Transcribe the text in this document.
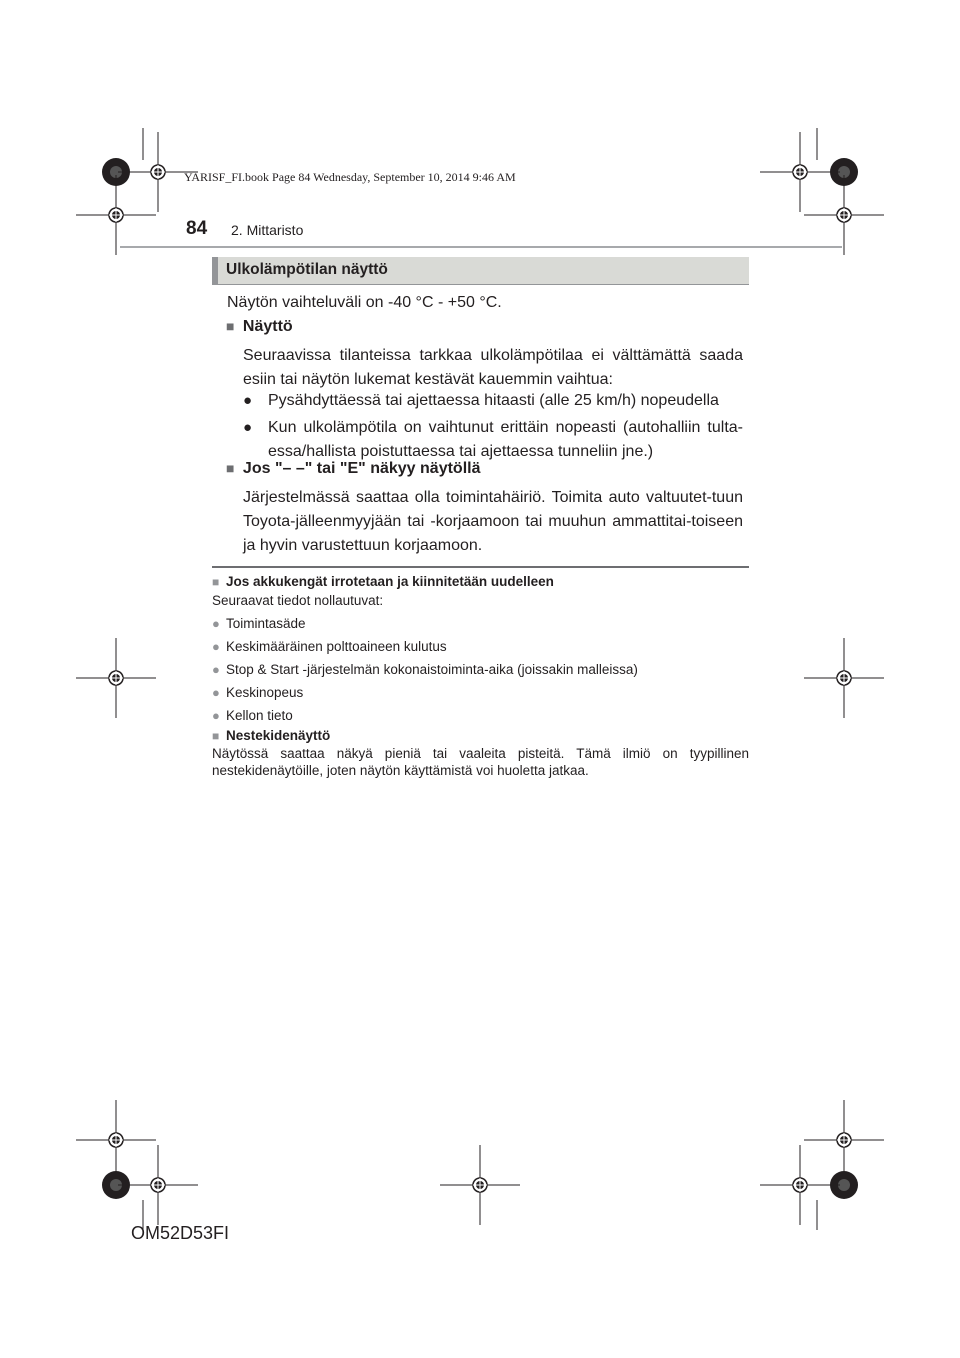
YARISF_FI.book Page 84 Wednesday, September 10, 2014 9:46 AM
84 2. Mittaristo
Ulkolämpötilan näyttö
Näytön vaihteluväli on -40 °C - +50 °C.
■ Näyttö
Seuraavissa tilanteissa tarkkaa ulkolämpötilaa ei välttämättä saada esiin tai näytön lukemat kestävät kauemmin vaihtua:
● Pysähdyttäessä tai ajettaessa hitaasti (alle 25 km/h) nopeudella
● Kun ulkolämpötila on vaihtunut erittäin nopeasti (autohalliin tulta-essa/hallista poistuttaessa tai ajettaessa tunneliin jne.)
■ Jos "– –" tai "E" näkyy näytöllä
Järjestelmässä saattaa olla toimintahäiriö. Toimita auto valtuutet-tuun Toyota-jälleenmyyjään tai -korjaamoon tai muuhun ammattitai-toiseen ja hyvin varustettuun korjaamoon.
■ Jos akkukengät irrotetaan ja kiinnitetään uudelleen
Seuraavat tiedot nollautuvat:
● Toimintasäde
● Keskimääräinen polttoaineen kulutus
● Stop & Start -järjestelmän kokonaistoiminta-aika (joissakin malleissa)
● Keskinopeus
● Kellon tieto
■ Nestekidenäyttö
Näytössä saattaa näkyä pieniä tai vaaleita pisteitä. Tämä ilmiö on tyypillinen nestekidenäytöille, joten näytön käyttämistä voi huoletta jatkaa.
OM52D53FI
